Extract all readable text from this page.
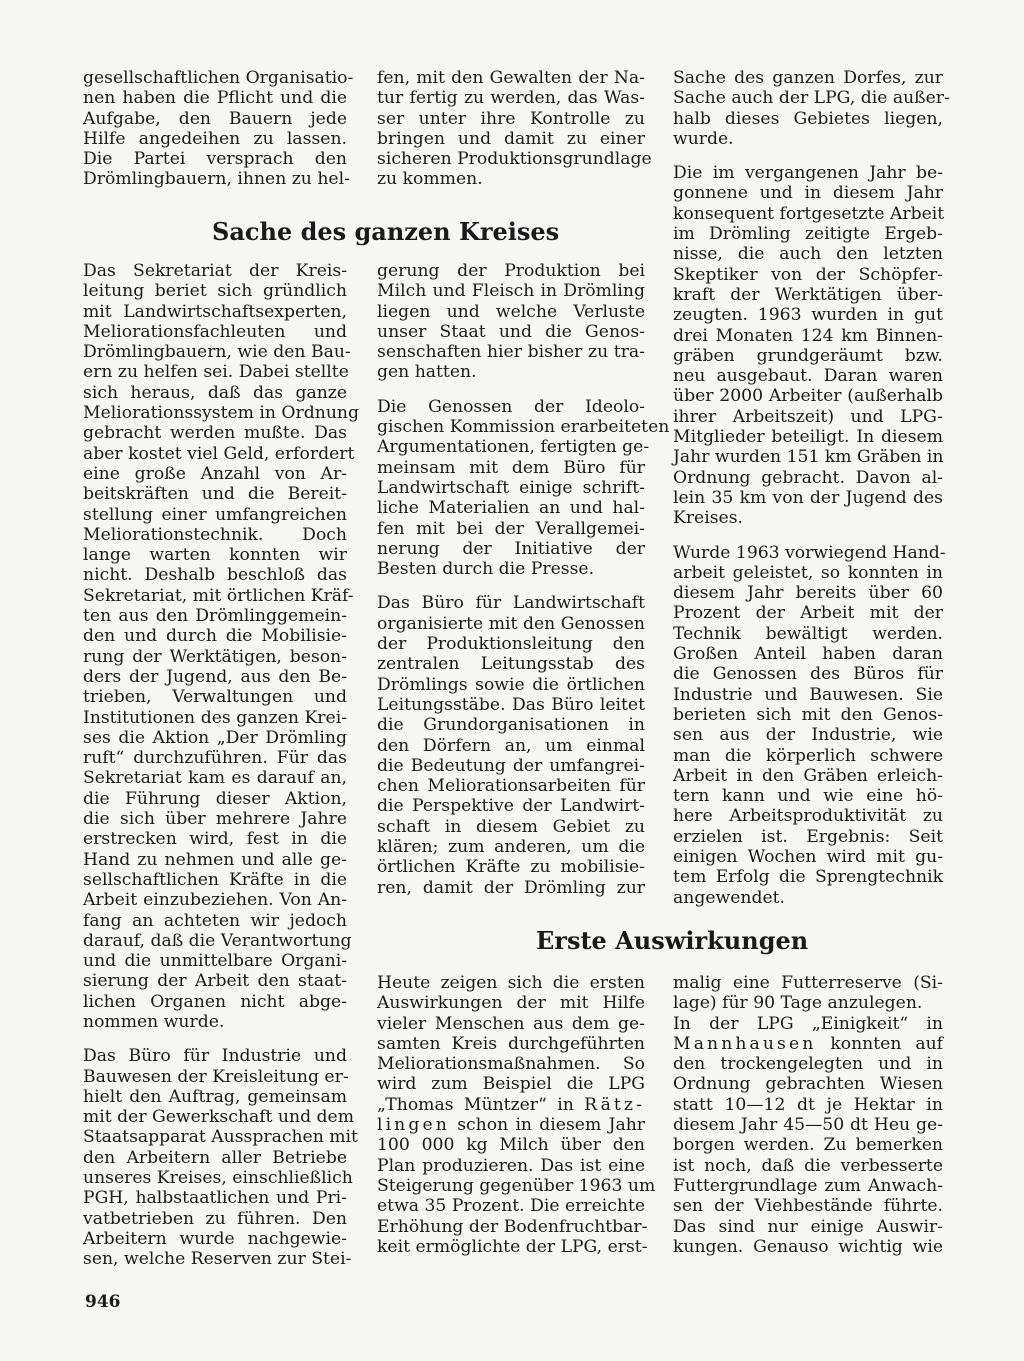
gesellschaftlichen Organisatio-
nen haben die Pflicht und die
Aufgabe, den Bauern jede
Hilfe angedeihen zu lassen.
Die Partei versprach den
Drömlingbauern, ihnen zu hel-

fen, mit den Gewalten der Na-
tur fertig zu werden, das Was-
ser unter ihre Kontrolle zu
bringen und damit zu einer
sicheren Produktionsgrundlage
zu kommen.

Sache des ganzen Kreises

Das Sekretariat der Kreis-
leitung beriet sich gründlich
mit Landwirtschaftsexperten,
Meliorationsfachleuten und
Drömlingbauern, wie den Bau-
ern zu helfen sei. Dabei stellte
sich heraus, daß das ganze
Meliorationssystem in Ordnung
gebracht werden mußte. Das
aber kostet viel Geld, erfordert
eine große Anzahl von Ar-
beitskräften und die Bereit-
stellung einer umfangreichen
Meliorationstechnik. Doch
lange warten konnten wir
nicht. Deshalb beschloß das
Sekretariat, mit örtlichen Kräf-
ten aus den Drömlinggemein-
den und durch die Mobilisie-
rung der Werktätigen, beson-
ders der Jugend, aus den Be-
trieben, Verwaltungen und
Institutionen des ganzen Krei-
ses die Aktion „Der Drömling
ruft“ durchzuführen. Für das
Sekretariat kam es darauf an,
die Führung dieser Aktion,
die sich über mehrere Jahre
erstrecken wird, fest in die
Hand zu nehmen und alle ge-
sellschaftlichen Kräfte in die
Arbeit einzubeziehen. Von An-
fang an achteten wir jedoch
darauf, daß die Verantwortung
und die unmittelbare Organi-
sierung der Arbeit den staat-
lichen Organen nicht abge-
nommen wurde.

Das Büro für Industrie und
Bauwesen der Kreisleitung er-
hielt den Auftrag, gemeinsam
mit der Gewerkschaft und dem
Staatsapparat Aussprachen mit
den Arbeitern aller Betriebe
unseres Kreises, einschließlich
PGH, halbstaatlichen und Pri-
vatbetrieben zu führen. Den
Arbeitern wurde nachgewie-
sen, welche Reserven zur Stei-

gerung der Produktion bei
Milch und Fleisch in Drömling
liegen und welche Verluste
unser Staat und die Genos-
senschaften hier bisher zu tra-
gen hatten.

Die Genossen der Ideolo-
gischen Kommission erarbeiteten
Argumentationen, fertigten ge-
meinsam mit dem Büro für
Landwirtschaft einige schrift-
liche Materialien an und hal-
fen mit bei der Verallgemei-
nerung der Initiative der
Besten durch die Presse.

Das Büro für Landwirtschaft
organisierte mit den Genossen
der Produktionsleitung den
zentralen Leitungsstab des
Drömlings sowie die örtlichen
Leitungsstäbe. Das Büro leitet
die Grundorganisationen in
den Dörfern an, um einmal
die Bedeutung der umfangrei-
chen Meliorationsarbeiten für
die Perspektive der Landwirt-
schaft in diesem Gebiet zu
klären; zum anderen, um die
örtlichen Kräfte zu mobilisie-
ren, damit der Drömling zur

Sache des ganzen Dorfes, zur
Sache auch der LPG, die außer-
halb dieses Gebietes liegen,
wurde.

Die im vergangenen Jahr be-
gonnene und in diesem Jahr
konsequent fortgesetzte Arbeit
im Drömling zeitigte Ergeb-
nisse, die auch den letzten
Skeptiker von der Schöpfer-
kraft der Werktätigen über-
zeugten. 1963 wurden in gut
drei Monaten 124 km Binnen-
gräben grundgeräumt bzw.
neu ausgebaut. Daran waren
über 2000 Arbeiter (außerhalb
ihrer Arbeitszeit) und LPG-
Mitglieder beteiligt. In diesem
Jahr wurden 151 km Gräben in
Ordnung gebracht. Davon al-
lein 35 km von der Jugend des
Kreises.

Wurde 1963 vorwiegend Hand-
arbeit geleistet, so konnten in
diesem Jahr bereits über 60
Prozent der Arbeit mit der
Technik bewältigt werden.
Großen Anteil haben daran
die Genossen des Büros für
Industrie und Bauwesen. Sie
berieten sich mit den Genos-
sen aus der Industrie, wie
man die körperlich schwere
Arbeit in den Gräben erleich-
tern kann und wie eine hö-
here Arbeitsproduktivität zu
erzielen ist. Ergebnis: Seit
einigen Wochen wird mit gu-
tem Erfolg die Sprengtechnik
angewendet.

Erste Auswirkungen

Heute zeigen sich die ersten
Auswirkungen der mit Hilfe
vieler Menschen aus dem ge-
samten Kreis durchgeführten
Meliorationsmaßnahmen. So
wird zum Beispiel die LPG
„Thomas Müntzer“ in Rätz-
lingen schon in diesem Jahr
100 000 kg Milch über den
Plan produzieren. Das ist eine
Steigerung gegenüber 1963 um
etwa 35 Prozent. Die erreichte
Erhöhung der Bodenfruchtbar-
keit ermöglichte der LPG, erst-

malig eine Futterreserve (Si-
lage) für 90 Tage anzulegen.

In der LPG „Einigkeit“ in
Mannhausen konnten auf
den trockengelegten und in
Ordnung gebrachten Wiesen
statt 10—12 dt je Hektar in
diesem Jahr 45—50 dt Heu ge-
borgen werden. Zu bemerken
ist noch, daß die verbesserte
Futtergrundlage zum Anwach-
sen der Viehbestände führte.
Das sind nur einige Auswir-
kungen. Genauso wichtig wie

946
